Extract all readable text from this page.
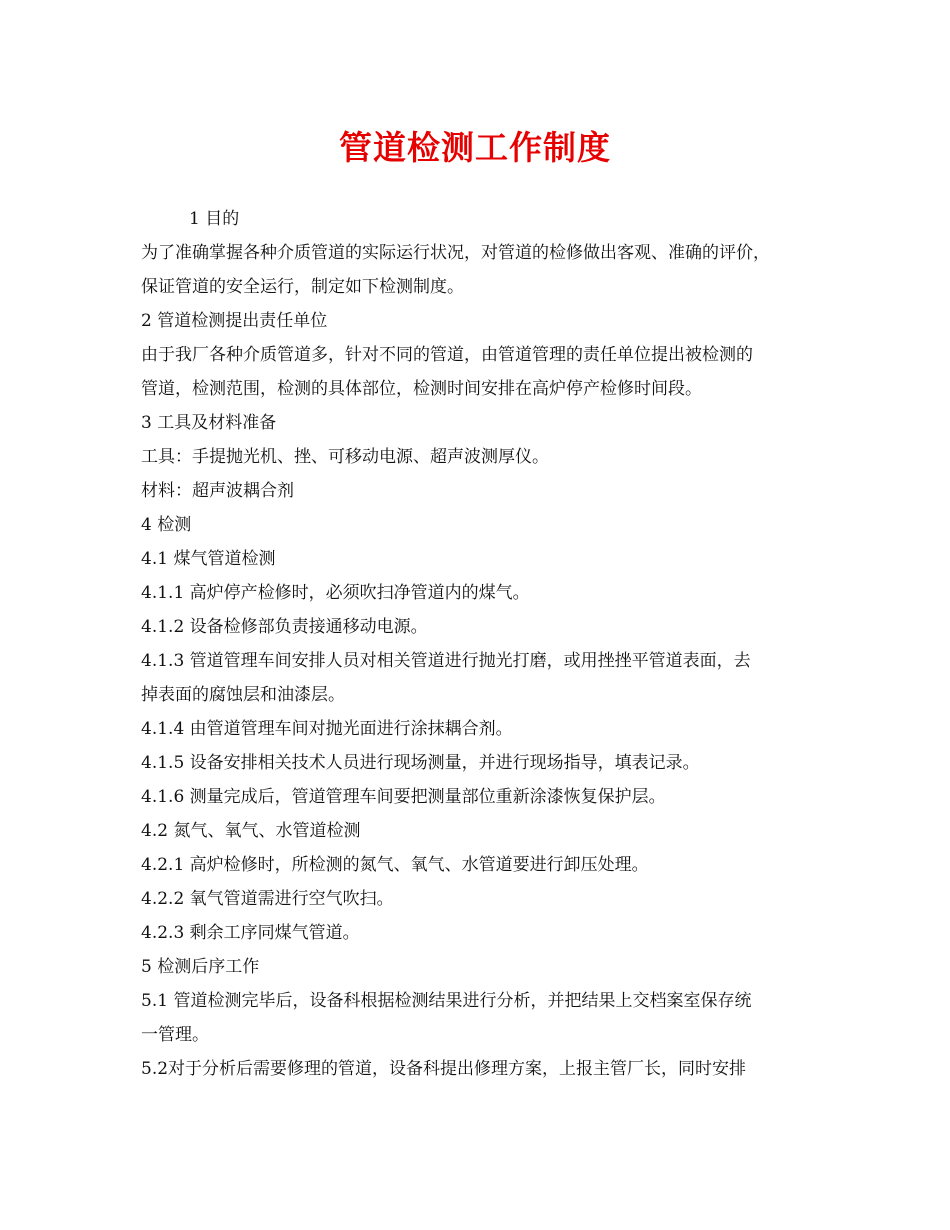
管道检测工作制度
1 目的
为了准确掌握各种介质管道的实际运行状况，对管道的检修做出客观、准确的评价，
保证管道的安全运行，制定如下检测制度。
2 管道检测提出责任单位
由于我厂各种介质管道多，针对不同的管道，由管道管理的责任单位提出被检测的
管道，检测范围，检测的具体部位，检测时间安排在高炉停产检修时间段。
3 工具及材料准备
工具：手提抛光机、挫、可移动电源、超声波测厚仪。
材料：超声波耦合剂
4 检测
4.1 煤气管道检测
4.1.1 高炉停产检修时，必须吹扫净管道内的煤气。
4.1.2 设备检修部负责接通移动电源。
4.1.3 管道管理车间安排人员对相关管道进行抛光打磨，或用挫挫平管道表面，去
掉表面的腐蚀层和油漆层。
4.1.4 由管道管理车间对抛光面进行涂抹耦合剂。
4.1.5 设备安排相关技术人员进行现场测量，并进行现场指导，填表记录。
4.1.6 测量完成后，管道管理车间要把测量部位重新涂漆恢复保护层。
4.2 氮气、氧气、水管道检测
4.2.1 高炉检修时，所检测的氮气、氧气、水管道要进行卸压处理。
4.2.2 氧气管道需进行空气吹扫。
4.2.3 剩余工序同煤气管道。
5 检测后序工作
5.1 管道检测完毕后，设备科根据检测结果进行分析，并把结果上交档案室保存统
一管理。
5.2对于分析后需要修理的管道，设备科提出修理方案，上报主管厂长，同时安排
